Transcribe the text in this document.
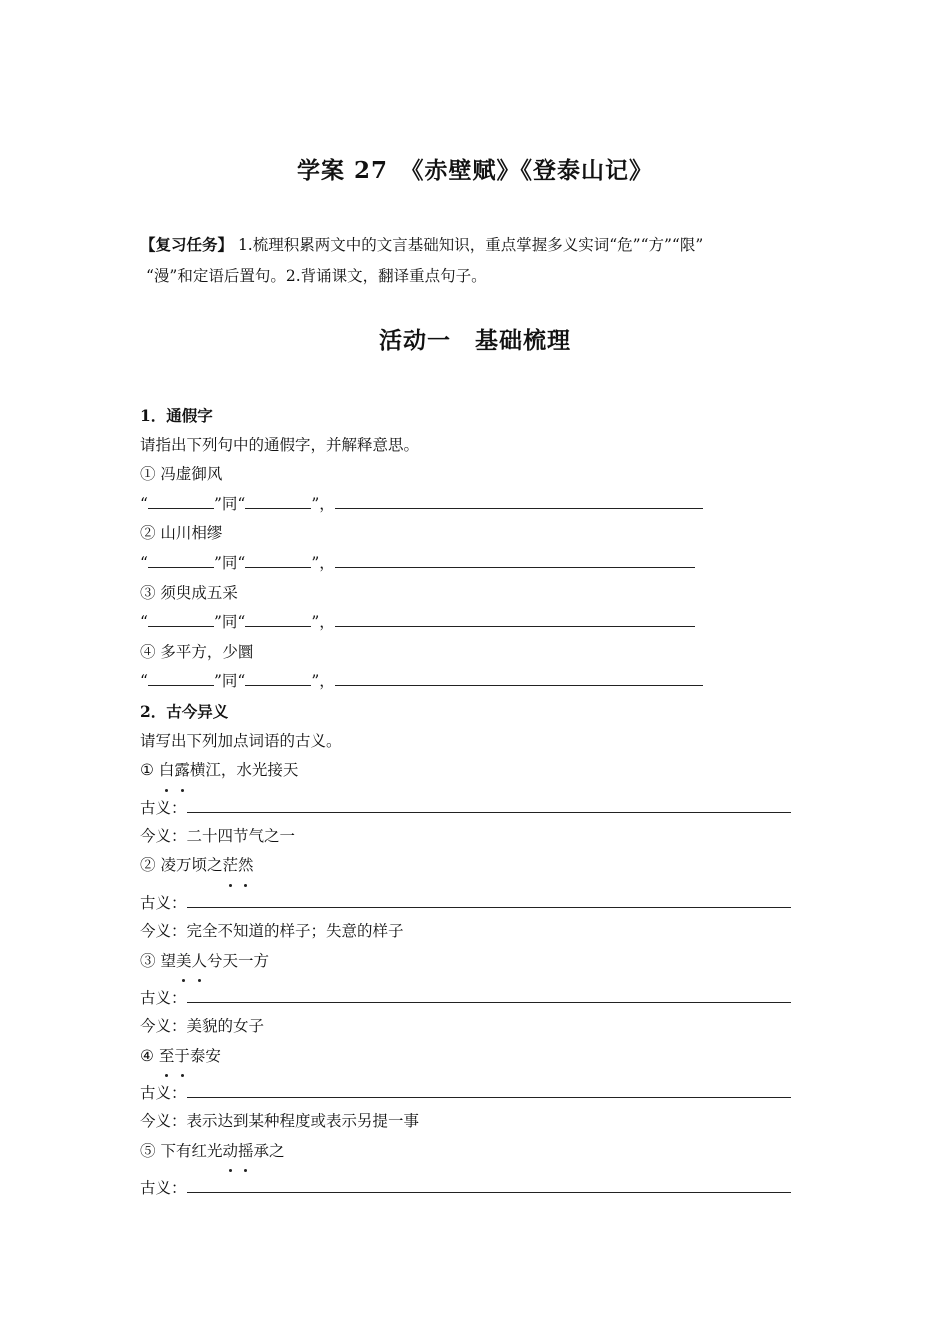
学案 27　《赤壁赋》《登泰山记》
【复习任务】 1.梳理积累两文中的文言基础知识，重点掌握多义实词“危”“方”“限”
“漫”和定语后置句。2.背诵课文，翻译重点句子。
活动一　基础梳理
1．通假字
请指出下列句中的通假字，并解释意思。
① 冯虚御风
“	”同“	”，
② 山川相缪
“	”同“	”，
③ 须臾成五采
“	”同“	”，
④ 多平方，少圜
“	”同“	”，
2．古今异义
请写出下列加点词语的古义。
① 白露横江，水光接天
古义：
今义：二十四节气之一
② 凌万顷之茫然
古义：
今义：完全不知道的样子；失意的样子
③ 望美人兮天一方
古义：
今义：美貌的女子
④ 至于泰安
古义：
今义：表示达到某种程度或表示另提一事
⑤ 下有红光动摇承之
古义：
